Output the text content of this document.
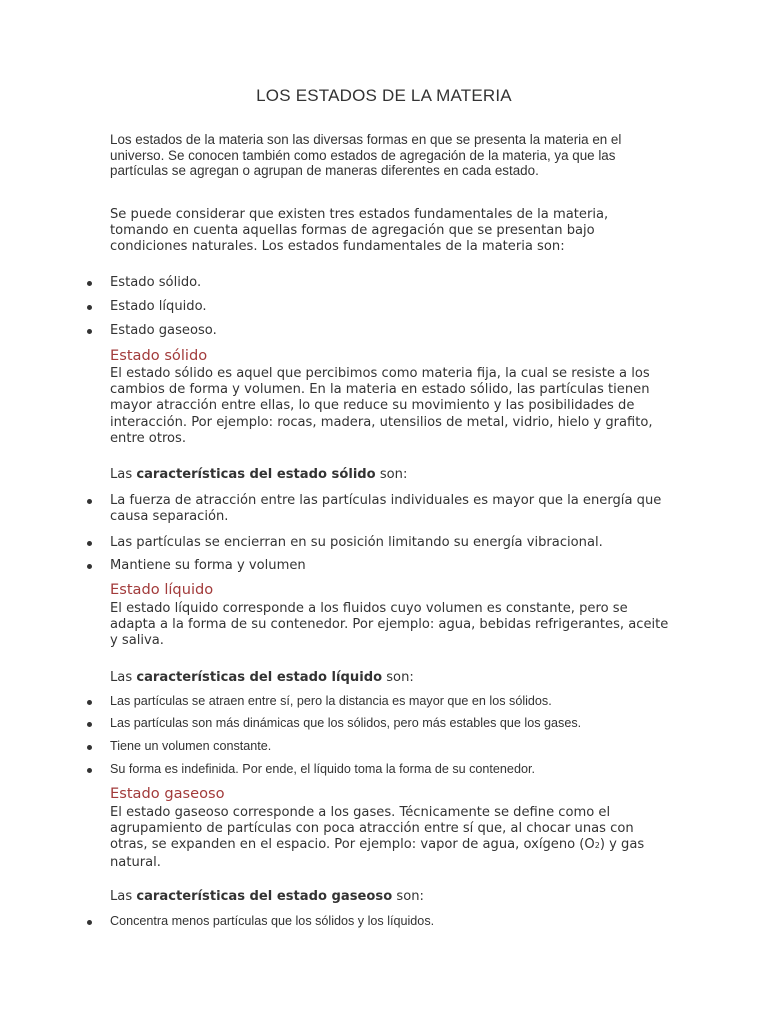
LOS ESTADOS DE LA MATERIA

Los estados de la materia son las diversas formas en que se presenta la materia en el universo. Se conocen también como estados de agregación de la materia, ya que las partículas se agregan o agrupan de maneras diferentes en cada estado.

Se puede considerar que existen tres estados fundamentales de la materia, tomando en cuenta aquellas formas de agregación que se presentan bajo condiciones naturales. Los estados fundamentales de la materia son:

Estado sólido.
Estado líquido.
Estado gaseoso.
Estado sólido

El estado sólido es aquel que percibimos como materia fija, la cual se resiste a los cambios de forma y volumen. En la materia en estado sólido, las partículas tienen mayor atracción entre ellas, lo que reduce su movimiento y las posibilidades de interacción. Por ejemplo: rocas, madera, utensilios de metal, vidrio, hielo y grafito, entre otros.

Las características del estado sólido son:

La fuerza de atracción entre las partículas individuales es mayor que la energía que causa separación.
Las partículas se encierran en su posición limitando su energía vibracional.
Mantiene su forma y volumen
Estado líquido

El estado líquido corresponde a los fluidos cuyo volumen es constante, pero se adapta a la forma de su contenedor. Por ejemplo: agua, bebidas refrigerantes, aceite y saliva.

Las características del estado líquido son:

Las partículas se atraen entre sí, pero la distancia es mayor que en los sólidos.
Las partículas son más dinámicas que los sólidos, pero más estables que los gases.
Tiene un volumen constante.
Su forma es indefinida. Por ende, el líquido toma la forma de su contenedor.
Estado gaseoso

El estado gaseoso corresponde a los gases. Técnicamente se define como el agrupamiento de partículas con poca atracción entre sí que, al chocar unas con otras, se expanden en el espacio. Por ejemplo: vapor de agua, oxígeno (O2) y gas natural.

Las características del estado gaseoso son:

Concentra menos partículas que los sólidos y los líquidos.
